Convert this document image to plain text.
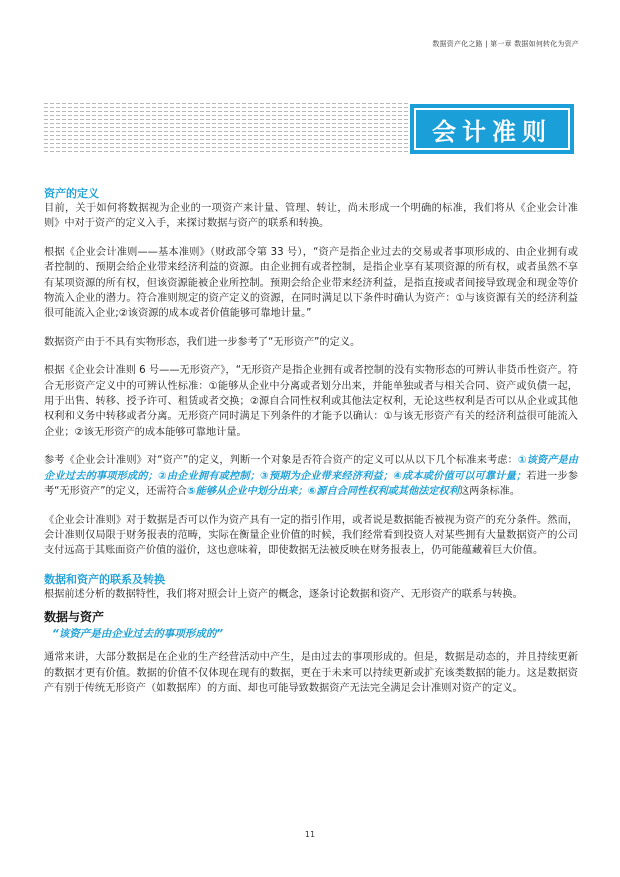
数据资产化之路 | 第一章 数据如何转化为资产
会计准则
资产的定义

目前，关于如何将数据视为企业的一项资产来计量、管理、转让，尚未形成一个明确的标准，我们将从《企业会计准则》中对于资产的定义入手，来探讨数据与资产的联系和转换。

根据《企业会计准则——基本准则》（财政部令第 33 号），“资产是指企业过去的交易或者事项形成的、由企业拥有或者控制的、预期会给企业带来经济利益的资源。由企业拥有或者控制，是指企业享有某项资源的所有权，或者虽然不享有某项资源的所有权，但该资源能被企业所控制。预期会给企业带来经济利益，是指直接或者间接导致现金和现金等价物流入企业的潜力。符合准则规定的资产定义的资源，在同时满足以下条件时确认为资产：①与该资源有关的经济利益很可能流入企业;②该资源的成本或者价值能够可靠地计量。”

数据资产由于不具有实物形态，我们进一步参考了“无形资产”的定义。

根据《企业会计准则 6 号——无形资产》，“无形资产是指企业拥有或者控制的没有实物形态的可辨认非货币性资产。符合无形资产定义中的可辨认性标准：①能够从企业中分离或者划分出来，并能单独或者与相关合同、资产或负债一起，用于出售、转移、授予许可、租赁或者交换；②源自合同性权利或其他法定权利，无论这些权利是否可以从企业或其他权利和义务中转移或者分离。无形资产同时满足下列条件的才能予以确认：①与该无形资产有关的经济利益很可能流入企业；②该无形资产的成本能够可靠地计量。

参考《企业会计准则》对“资产”的定义，判断一个对象是否符合资产的定义可以从以下几个标准来考虑：①该资产是由企业过去的事项形成的；②由企业拥有或控制；③预期为企业带来经济利益；④成本或价值可以可靠计量；若进一步参考“无形资产”的定义，还需符合⑤能够从企业中划分出来；⑥源自合同性权利或其他法定权利这两条标准。

《企业会计准则》对于数据是否可以作为资产具有一定的指引作用，或者说是数据能否被视为资产的充分条件。然而，会计准则仅局限于财务报表的范畴，实际在衡量企业价值的时候，我们经常看到投资人对某些拥有大量数据资产的公司支付远高于其账面资产价值的溢价，这也意味着，即使数据无法被反映在财务报表上，仍可能蕴藏着巨大价值。

数据和资产的联系及转换

根据前述分析的数据特性，我们将对照会计上资产的概念，逐条讨论数据和资产、无形资产的联系与转换。

数据与资产
“该资产是由企业过去的事项形成的”

通常来讲，大部分数据是在企业的生产经营活动中产生，是由过去的事项形成的。但是，数据是动态的，并且持续更新的数据才更有价值。数据的价值不仅体现在现有的数据，更在于未来可以持续更新或扩充该类数据的能力。这是数据资产有别于传统无形资产（如数据库）的方面、却也可能导致数据资产无法完全满足会计准则对资产的定义。

11
